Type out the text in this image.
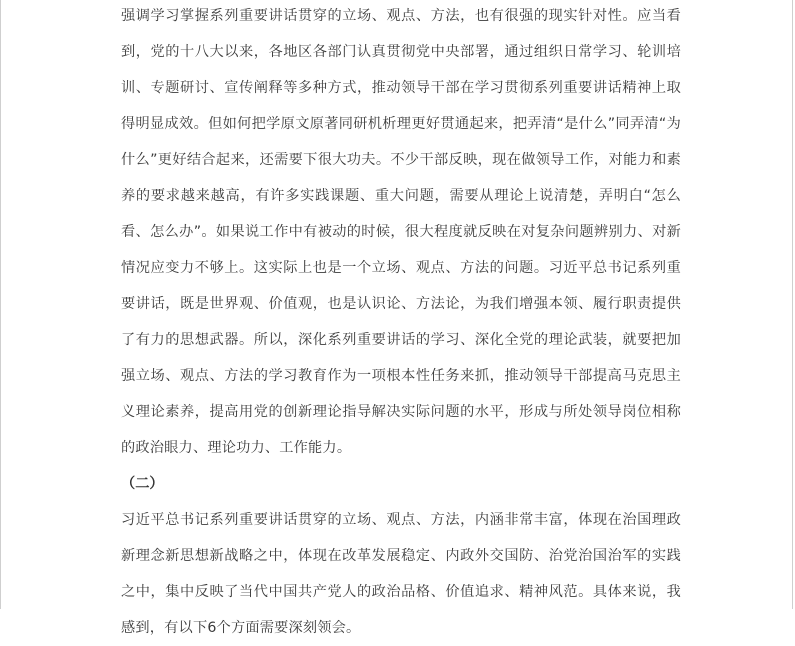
强调学习掌握系列重要讲话贯穿的立场、观点、方法，也有很强的现实针对性。应当看到，党的十八大以来，各地区各部门认真贯彻党中央部署，通过组织日常学习、轮训培训、专题研讨、宣传阐释等多种方式，推动领导干部在学习贯彻系列重要讲话精神上取得明显成效。但如何把学原文原著同研机析理更好贯通起来，把弄清“是什么”同弄清“为什么”更好结合起来，还需要下很大功夫。不少干部反映，现在做领导工作，对能力和素养的要求越来越高，有许多实践课题、重大问题，需要从理论上说清楚，弄明白“怎么看、怎么办”。如果说工作中有被动的时候，很大程度就反映在对复杂问题辨别力、对新情况应变力不够上。这实际上也是一个立场、观点、方法的问题。习近平总书记系列重要讲话，既是世界观、价值观，也是认识论、方法论，为我们增强本领、履行职责提供了有力的思想武器。所以，深化系列重要讲话的学习、深化全党的理论武装，就要把加强立场、观点、方法的学习教育作为一项根本性任务来抓，推动领导干部提高马克思主义理论素养，提高用党的创新理论指导解决实际问题的水平，形成与所处领导岗位相称的政治眼力、理论功力、工作能力。

（二）

习近平总书记系列重要讲话贯穿的立场、观点、方法，内涵非常丰富，体现在治国理政新理念新思想新战略之中，体现在改革发展稳定、内政外交国防、治党治国治军的实践之中，集中反映了当代中国共产党人的政治品格、价值追求、精神风范。具体来说，我感到，有以下6个方面需要深刻领会。
